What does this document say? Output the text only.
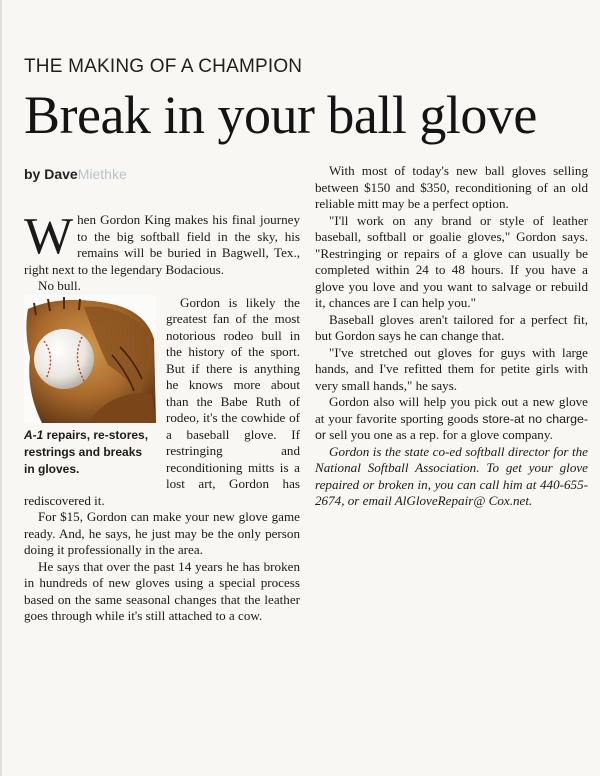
THE MAKING OF A CHAMPION
Break in your ball glove
by DaveMiethke

When Gordon King makes his final journey to the big softball field in the sky, his remains will be buried in Bagwell, Tex., right next to the legendary Bodacious.

No bull.

A-1 repairs, re-stores, restrings and breaks in gloves.
Gordon is likely the greatest fan of the most notorious rodeo bull in the history of the sport. But if there is anything he knows more about than the Babe Ruth of rodeo, it's the cowhide of a baseball glove. If restringing and reconditioning mitts is a lost art, Gordon has rediscovered it.

For $15, Gordon can make your new glove game ready. And, he says, he just may be the only person doing it professionally in the area.

He says that over the past 14 years he has broken in hundreds of new gloves using a special process based on the same seasonal changes that the leather goes through while it's still attached to a cow.

With most of today's new ball gloves selling between $150 and $350, reconditioning of an old reliable mitt may be a perfect option.

"I'll work on any brand or style of leather baseball, softball or goalie gloves," Gordon says. "Restringing or repairs of a glove can usually be completed within 24 to 48 hours. If you have a glove you love and you want to salvage or rebuild it, chances are I can help you."

Baseball gloves aren't tailored for a perfect fit, but Gordon says he can change that.

"I've stretched out gloves for guys with large hands, and I've refitted them for petite girls with very small hands," he says.

Gordon also will help you pick out a new glove at your favorite sporting goods store-at no charge-or sell you one as a rep. for a glove company.

Gordon is the state co-ed softball director for the National Softball Association. To get your glove repaired or broken in, you can call him at 440-655-2674, or email AlGloveRepair@ Cox.net.
